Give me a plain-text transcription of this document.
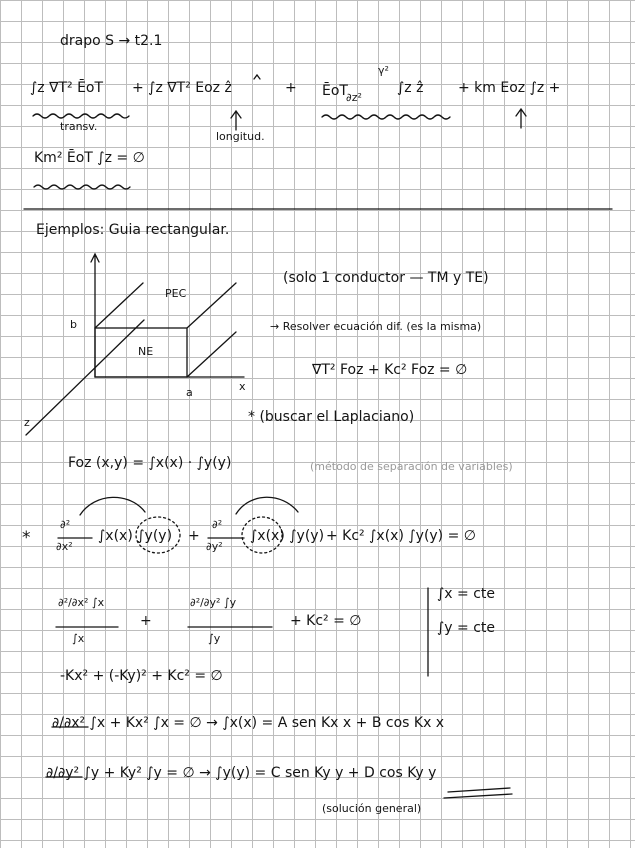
drapo S → t2.1
∫z ∇T² ĒoT + ∫z ∇T² Eoz ẑ	+ ĒoT
γ²
∂z²
∫z ẑ + km Eoz ∫z +
transv.
longitud.
Km² ĒoT ∫z = ∅
Ejemplos: Guia rectangular.
PEC
NE
b
a	x
z
(solo 1 conductor — TM y TE)
→ Resolver ecuación dif. (es la misma)
∇T² Foz + Kc² Foz = ∅
* (buscar el Laplaciano)
Foz (x,y) = ∫x(x) · ∫y(y)	(método de separación de variables)
*
∂²
∂x²
∫x(x) ∫y(y) +
∂²
∂y²
∫x(x) ∫y(y) + Kc² ∫x(x) ∫y(y) = ∅
∂²/∂x² ∫x
∫x
+
∂²/∂y² ∫y
∫y
+ Kc² = ∅
∫x = cte
∫y = cte
-Kx² + (-Ky)² + Kc² = ∅
∂/∂x² ∫x + Kx² ∫x = ∅ → ∫x(x) = A sen Kx x + B cos Kx x
∂/∂y² ∫y + Ky² ∫y = ∅ → ∫y(y) = C sen Ky y + D cos Ky y
(solución general)
